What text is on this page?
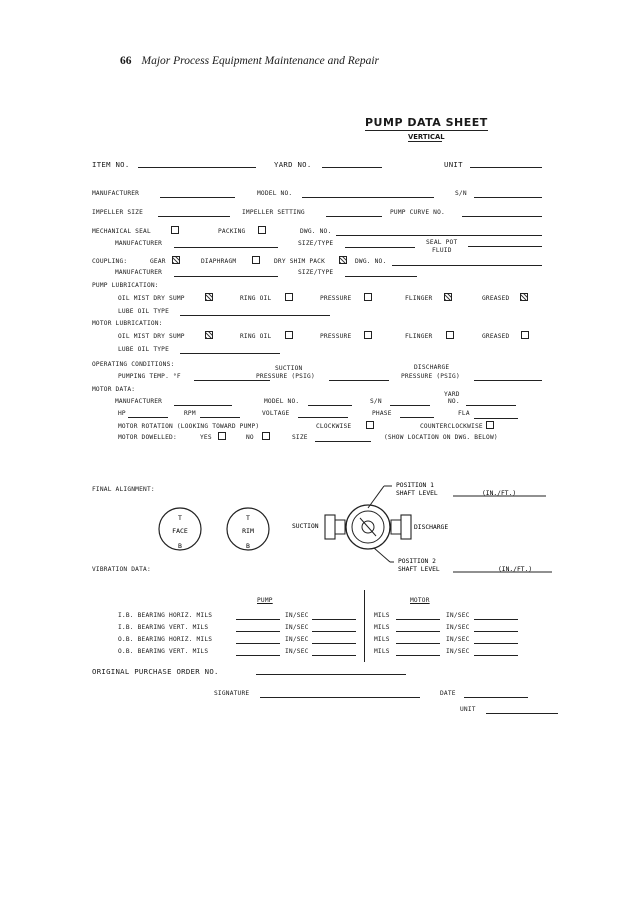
66 Major Process Equipment Maintenance and Repair
PUMP DATA SHEET
VERTICAL
ITEM NO.	YARD NO.	UNIT
MANUFACTURER	MODEL NO.	S/N
IMPELLER SIZE	IMPELLER SETTING	PUMP CURVE NO.
MECHANICAL SEAL	PACKING	DWG. NO.
MANUFACTURER	SIZE/TYPE	SEAL POT
FLUID
COUPLING:	GEAR	DIAPHRAGM	DRY SHIM PACK	DWG. NO.
MANUFACTURER	SIZE/TYPE
PUMP LUBRICATION:
OIL MIST DRY SUMP	RING OIL	PRESSURE	FLINGER	GREASED
LUBE OIL TYPE
MOTOR LUBRICATION:
OIL MIST DRY SUMP	RING OIL	PRESSURE	FLINGER	GREASED
LUBE OIL TYPE
OPERATING CONDITIONS:
SUCTION	DISCHARGE
PUMPING TEMP. °F	PRESSURE (PSIG)	PRESSURE (PSIG)
MOTOR DATA:
YARD
MANUFACTURER	MODEL NO.	S/N	NO.
HP	RPM	VOLTAGE	PHASE	FLA
MOTOR ROTATION (LOOKING TOWARD PUMP)	CLOCKWISE	COUNTERCLOCKWISE
MOTOR DOWELLED:	YES	NO	SIZE	(SHOW LOCATION ON DWG. BELOW)
FINAL ALIGNMENT:
T
FACE
B
T
RIM
B
SUCTION	DISCHARGE
POSITION 1
SHAFT LEVEL	(IN./FT.)
POSITION 2
SHAFT LEVEL	(IN./FT.)
VIBRATION DATA:
PUMP	MOTOR
I.B. BEARING HORIZ. MILS	IN/SEC	MILS	IN/SEC
I.B. BEARING VERT. MILS	IN/SEC	MILS	IN/SEC
O.B. BEARING HORIZ. MILS	IN/SEC	MILS	IN/SEC
O.B. BEARING VERT. MILS	IN/SEC	MILS	IN/SEC
ORIGINAL PURCHASE ORDER NO.
SIGNATURE	DATE
UNIT
